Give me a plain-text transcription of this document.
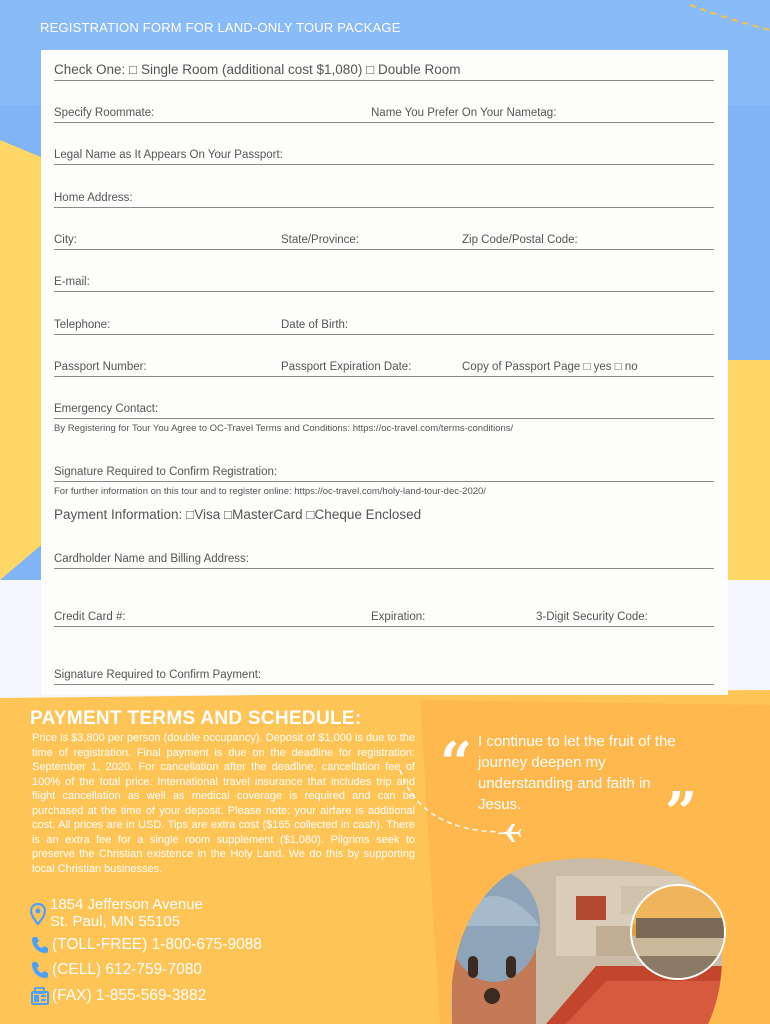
REGISTRATION FORM FOR LAND-ONLY TOUR PACKAGE
Check One: □ Single Room (additional cost $1,080) □ Double Room
Specify Roommate:	Name You Prefer On Your Nametag:
Legal Name as It Appears On Your Passport:
Home Address:
City:	State/Province:	Zip Code/Postal Code:
E-mail:
Telephone:	Date of Birth:
Passport Number:	Passport Expiration Date:	Copy of Passport Page □ yes □ no
Emergency Contact:
By Registering for Tour You Agree to OC-Travel Terms and Conditions: https://oc-travel.com/terms-conditions/
Signature Required to Confirm Registration:
For further information on this tour and to register online: https://oc-travel.com/holy-land-tour-dec-2020/
Payment Information: □Visa □MasterCard □Cheque Enclosed
Cardholder Name and Billing Address:
Credit Card #:	Expiration:	3-Digit Security Code:
Signature Required to Confirm Payment:
PAYMENT TERMS AND SCHEDULE:
Price is $3,800 per person (double occupancy). Deposit of $1,000 is due to the time of registration. Final payment is due on the deadline for registration: September 1, 2020. For cancellation after the deadline, cancellation fee of 100% of the total price. International travel insurance that includes trip and flight cancellation as well as medical coverage is required and can be purchased at the time of your deposit. Please note: your airfare is additional cost. All prices are in USD. Tips are extra cost ($165 collected in cash). There is an extra fee for a single room supplement ($1,080). Pilgrims seek to preserve the Christian existence in the Holy Land. We do this by supporting local Christian businesses.
1854 Jefferson Avenue
St. Paul, MN 55105
(TOLL-FREE) 1-800-675-9088
(CELL) 612-759-7080
(FAX) 1-855-569-3882
“ I continue to let the fruit of the journey deepen my understanding and faith in Jesus.	”
